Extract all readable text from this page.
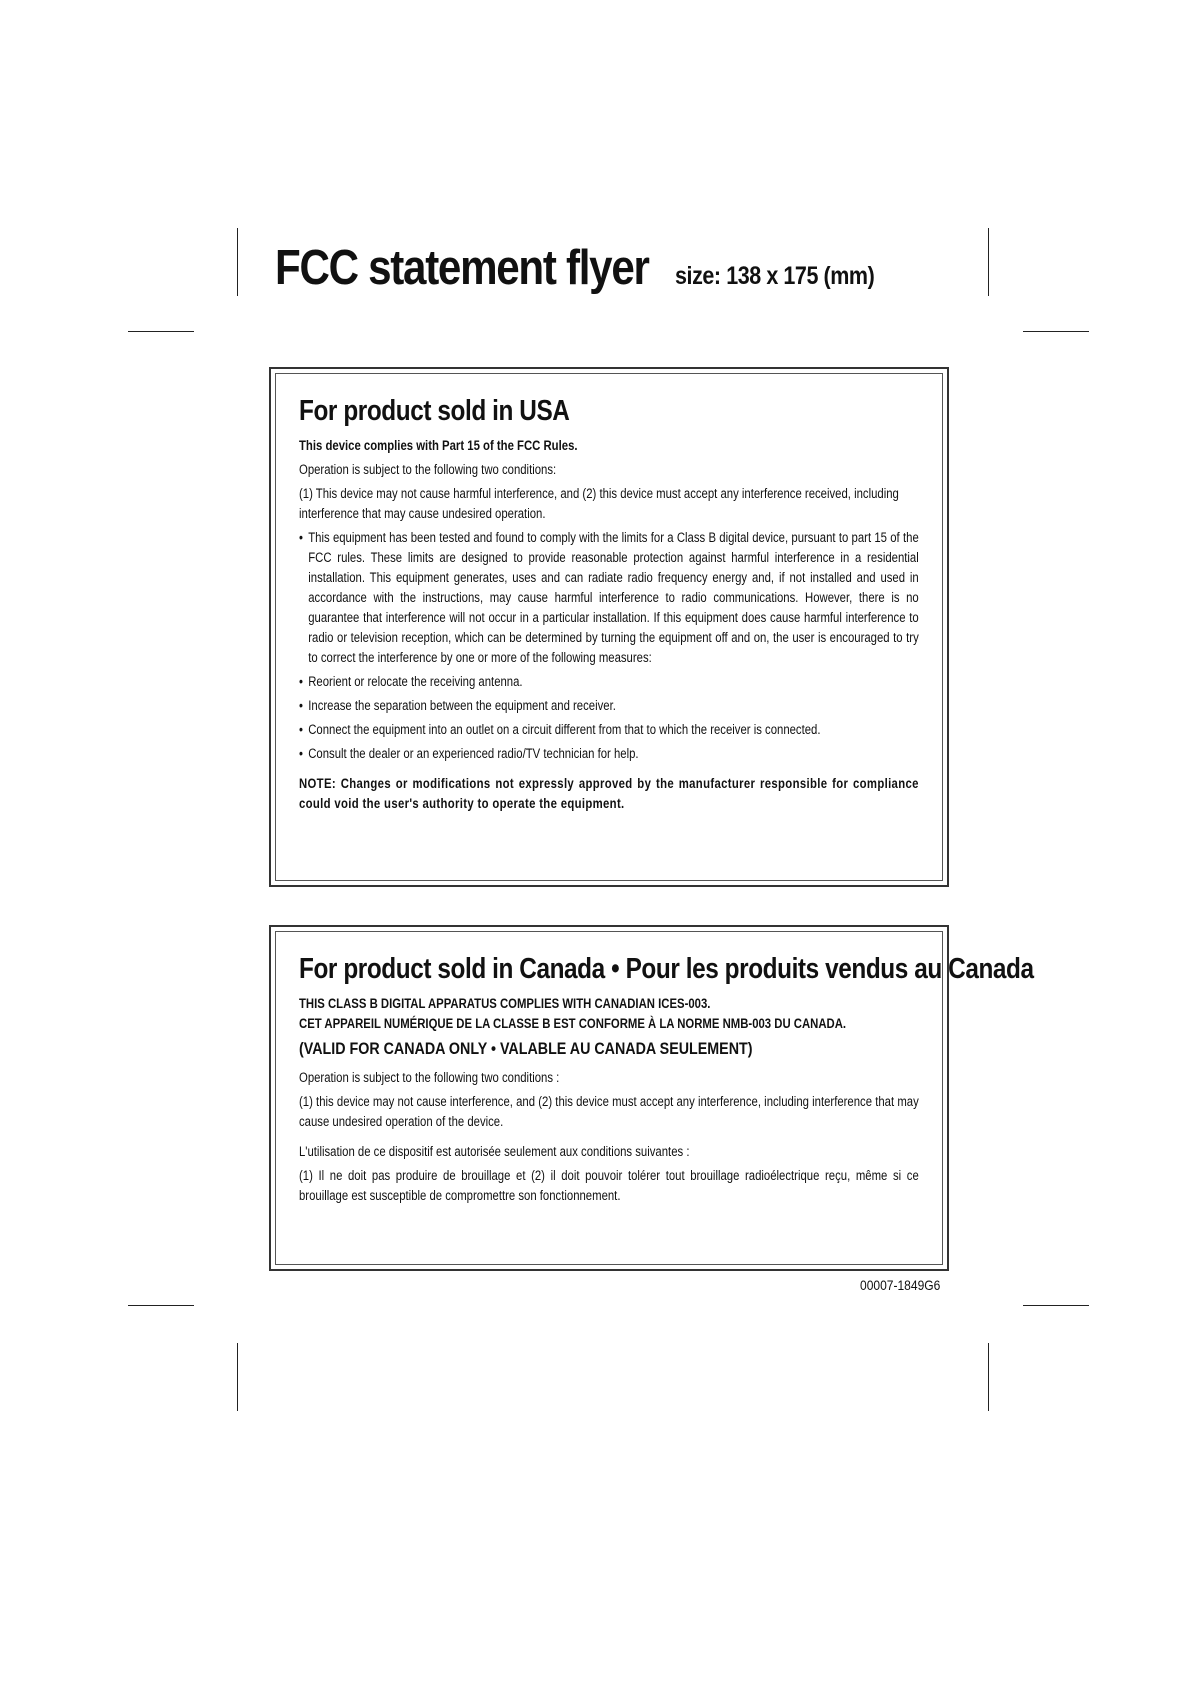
FCC statement flyer size: 138 x 175 (mm)
For product sold in USA

This device complies with Part 15 of the FCC Rules.

Operation is subject to the following two conditions:

(1) This device may not cause harmful interference, and (2) this device must accept any interference received, including interference that may cause undesired operation.

• This equipment has been tested and found to comply with the limits for a Class B digital device, pursuant to part 15 of the FCC rules. These limits are designed to provide reasonable protection against harmful interference in a residential installation. This equipment generates, uses and can radiate radio frequency energy and, if not installed and used in accordance with the instructions, may cause harmful interference to radio communications. However, there is no guarantee that interference will not occur in a particular installation. If this equipment does cause harmful interference to radio or television reception, which can be determined by turning the equipment off and on, the user is encouraged to try to correct the interference by one or more of the following measures:
• Reorient or relocate the receiving antenna.
• Increase the separation between the equipment and receiver.
• Connect the equipment into an outlet on a circuit different from that to which the receiver is connected.
• Consult the dealer or an experienced radio/TV technician for help.

NOTE: Changes or modifications not expressly approved by the manufacturer responsible for compliance could void the user's authority to operate the equipment.

For product sold in Canada • Pour les produits vendus au Canada

THIS CLASS B DIGITAL APPARATUS COMPLIES WITH CANADIAN ICES-003.

CET APPAREIL NUMÉRIQUE DE LA CLASSE B EST CONFORME À LA NORME NMB-003 DU CANADA.

(VALID FOR CANADA ONLY • VALABLE AU CANADA SEULEMENT)

Operation is subject to the following two conditions :

(1) this device may not cause interference, and (2) this device must accept any interference, including interference that may cause undesired operation of the device.

L'utilisation de ce dispositif est autorisée seulement aux conditions suivantes :

(1) Il ne doit pas produire de brouillage et (2) il doit pouvoir tolérer tout brouillage radioélectrique reçu, même si ce brouillage est susceptible de compromettre son fonctionnement.

00007-1849G6
